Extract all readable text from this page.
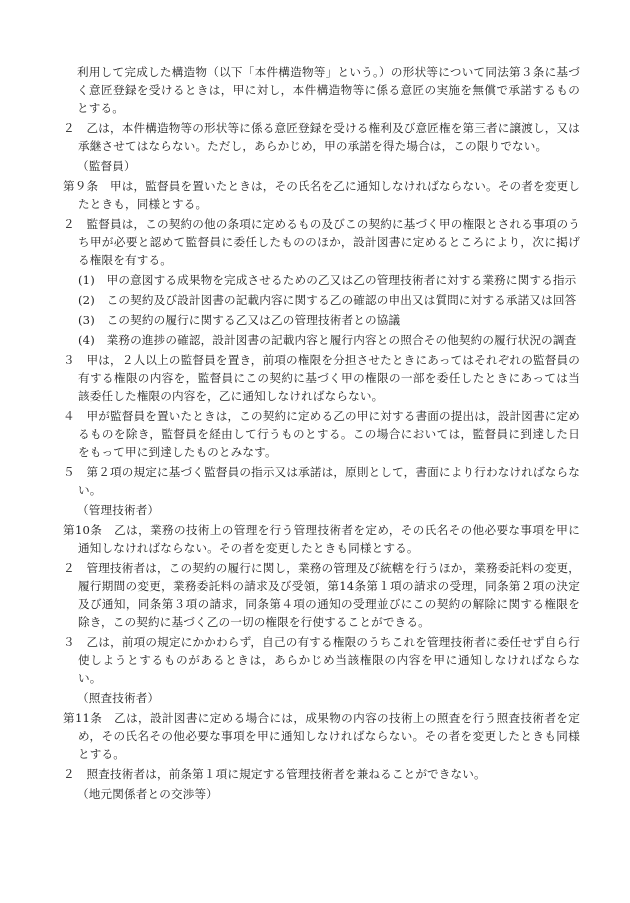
利用して完成した構造物（以下「本件構造物等」という。）の形状等について同法第３条に基づく意匠登録を受けるときは，甲に対し，本件構造物等に係る意匠の実施を無償で承諾するものとする。

２　乙は，本件構造物等の形状等に係る意匠登録を受ける権利及び意匠権を第三者に譲渡し，又は承継させてはならない。ただし，あらかじめ，甲の承諾を得た場合は，この限りでない。

（監督員）

第９条　甲は，監督員を置いたときは，その氏名を乙に通知しなければならない。その者を変更したときも，同様とする。

２　監督員は，この契約の他の条項に定めるもの及びこの契約に基づく甲の権限とされる事項のうち甲が必要と認めて監督員に委任したもののほか，設計図書に定めるところにより，次に掲げる権限を有する。

(1)　甲の意図する成果物を完成させるための乙又は乙の管理技術者に対する業務に関する指示

(2)　この契約及び設計図書の記載内容に関する乙の確認の申出又は質問に対する承諾又は回答

(3)　この契約の履行に関する乙又は乙の管理技術者との協議

(4)　業務の進捗の確認，設計図書の記載内容と履行内容との照合その他契約の履行状況の調査

３　甲は，２人以上の監督員を置き，前項の権限を分担させたときにあってはそれぞれの監督員の有する権限の内容を，監督員にこの契約に基づく甲の権限の一部を委任したときにあっては当該委任した権限の内容を，乙に通知しなければならない。

４　甲が監督員を置いたときは，この契約に定める乙の甲に対する書面の提出は，設計図書に定めるものを除き，監督員を経由して行うものとする。この場合においては，監督員に到達した日をもって甲に到達したものとみなす。

５　第２項の規定に基づく監督員の指示又は承諾は，原則として，書面により行わなければならない。

（管理技術者）

第10条　乙は，業務の技術上の管理を行う管理技術者を定め，その氏名その他必要な事項を甲に通知しなければならない。その者を変更したときも同様とする。

２　管理技術者は，この契約の履行に関し，業務の管理及び統轄を行うほか，業務委託料の変更，履行期間の変更，業務委託料の請求及び受領，第14条第１項の請求の受理，同条第２項の決定及び通知，同条第３項の請求，同条第４項の通知の受理並びにこの契約の解除に関する権限を除き，この契約に基づく乙の一切の権限を行使することができる。

３　乙は，前項の規定にかかわらず，自己の有する権限のうちこれを管理技術者に委任せず自ら行使しようとするものがあるときは，あらかじめ当該権限の内容を甲に通知しなければならない。

（照査技術者）

第11条　乙は，設計図書に定める場合には，成果物の内容の技術上の照査を行う照査技術者を定め，その氏名その他必要な事項を甲に通知しなければならない。その者を変更したときも同様とする。

２　照査技術者は，前条第１項に規定する管理技術者を兼ねることができない。

（地元関係者との交渉等）
